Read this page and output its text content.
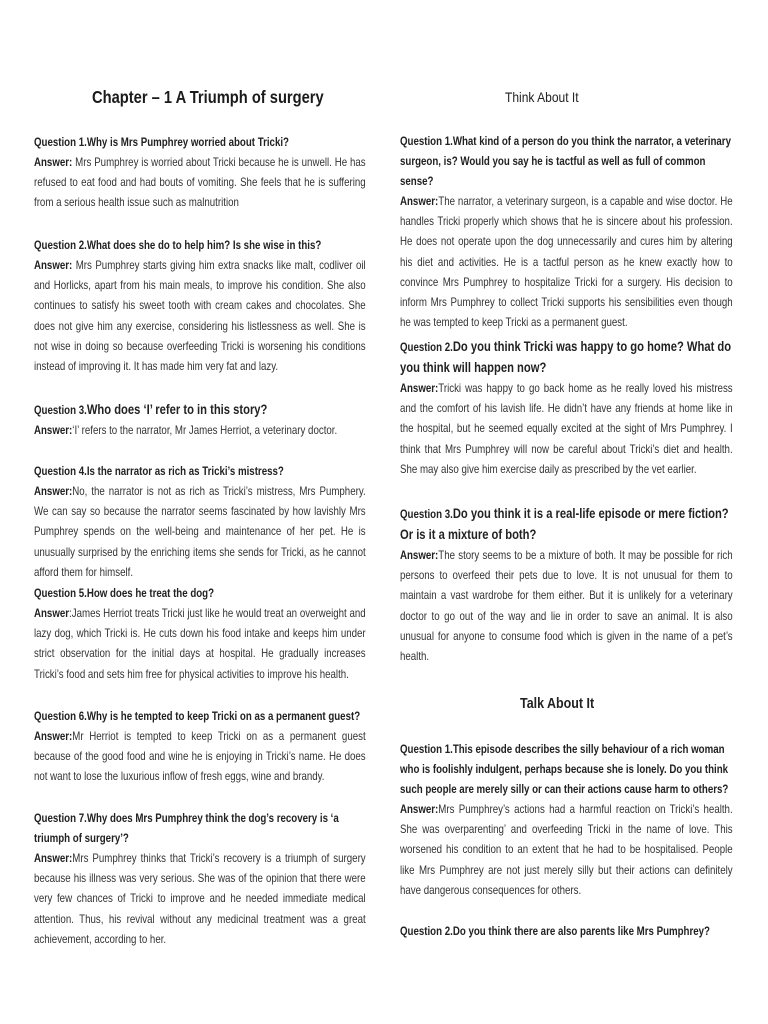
Chapter – 1 A Triumph of surgery
Question 1.Why is Mrs Pumphrey worried about Tricki?
Answer: Mrs Pumphrey is worried about Tricki because he is unwell. He has refused to eat food and had bouts of vomiting. She feels that he is suffering from a serious health issue such as malnutrition
Question 2.What does she do to help him? Is she wise in this?
Answer: Mrs Pumphrey starts giving him extra snacks like malt, codliver oil and Horlicks, apart from his main meals, to improve his condition. She also continues to satisfy his sweet tooth with cream cakes and chocolates. She does not give him any exercise, considering his listlessness as well. She is not wise in doing so because overfeeding Tricki is worsening his conditions instead of improving it. It has made him very fat and lazy.
Question 3.Who does ‘I’ refer to in this story?
Answer:‘I’ refers to the narrator, Mr James Herriot, a veterinary doctor.
Question 4.Is the narrator as rich as Tricki’s mistress?
Answer:No, the narrator is not as rich as Tricki’s mistress, Mrs Pumphery. We can say so because the narrator seems fascinated by how lavishly Mrs Pumphrey spends on the well-being and maintenance of her pet. He is unusually surprised by the enriching items she sends for Tricki, as he cannot afford them for himself.
Question 5.How does he treat the dog?
Answer:James Herriot treats Tricki just like he would treat an overweight and lazy dog, which Tricki is. He cuts down his food intake and keeps him under strict observation for the initial days at hospital. He gradually increases Tricki’s food and sets him free for physical activities to improve his health.
Question 6.Why is he tempted to keep Tricki on as a permanent guest?
Answer:Mr Herriot is tempted to keep Tricki on as a permanent guest because of the good food and wine he is enjoying in Tricki’s name. He does not want to lose the luxurious inflow of fresh eggs, wine and brandy.
Question 7.Why does Mrs Pumphrey think the dog’s recovery is ‘a triumph of surgery’?
Answer:Mrs Pumphrey thinks that Tricki’s recovery is a triumph of surgery because his illness was very serious. She was of the opinion that there were very few chances of Tricki to improve and he needed immediate medical attention. Thus, his revival without any medicinal treatment was a great achievement, according to her.
Think About It
Question 1.What kind of a person do you think the narrator, a veterinary surgeon, is? Would you say he is tactful as well as full of common sense?
Answer:The narrator, a veterinary surgeon, is a capable and wise doctor. He handles Tricki properly which shows that he is sincere about his profession. He does not operate upon the dog unnecessarily and cures him by altering his diet and activities. He is a tactful person as he knew exactly how to convince Mrs Pumphrey to hospitalize Tricki for a surgery. His decision to inform Mrs Pumphrey to collect Tricki supports his sensibilities even though he was tempted to keep Tricki as a permanent guest.
Question 2.Do you think Tricki was happy to go home? What do you think will happen now?
Answer:Tricki was happy to go back home as he really loved his mistress and the comfort of his lavish life. He didn’t have any friends at home like in the hospital, but he seemed equally excited at the sight of Mrs Pumphrey. I think that Mrs Pumphrey will now be careful about Tricki’s diet and health. She may also give him exercise daily as prescribed by the vet earlier.
Question 3.Do you think it is a real-life episode or mere fiction? Or is it a mixture of both?
Answer:The story seems to be a mixture of both. It may be possible for rich persons to overfeed their pets due to love. It is not unusual for them to maintain a vast wardrobe for them either. But it is unlikely for a veterinary doctor to go out of the way and lie in order to save an animal. It is also unusual for anyone to consume food which is given in the name of a pet’s health.
Talk About It
Question 1.This episode describes the silly behaviour of a rich woman who is foolishly indulgent, perhaps because she is lonely. Do you think such people are merely silly or can their actions cause harm to others?
Answer:Mrs Pumphrey’s actions had a harmful reaction on Tricki’s health. She was overparenting’ and overfeeding Tricki in the name of love. This worsened his condition to an extent that he had to be hospitalised. People like Mrs Pumphrey are not just merely silly but their actions can definitely have dangerous consequences for others.
Question 2.Do you think there are also parents like Mrs Pumphrey?
